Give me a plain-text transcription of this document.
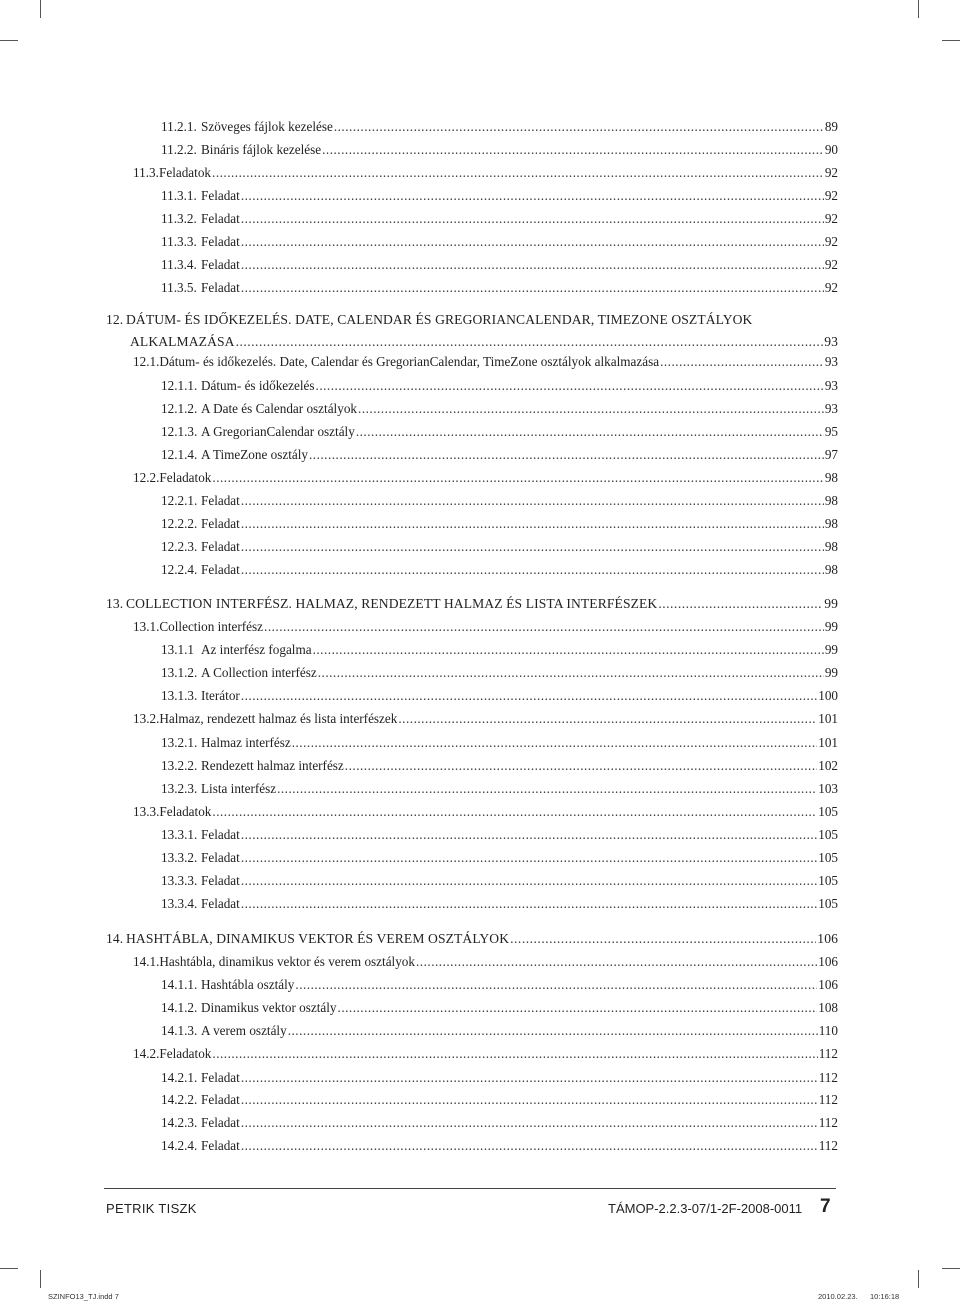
11.2.1. Szöveges fájlok kezelése .....	89
11.2.2. Bináris fájlok kezelése .....	90
11.3. Feladatok .....	92
11.3.1. Feladat .....	92
11.3.2. Feladat .....	92
11.3.3. Feladat .....	92
11.3.4. Feladat .....	92
11.3.5. Feladat .....	92
12. DÁTUM- ÉS IDŐKEZELÉS. DATE, CALENDAR ÉS GREGORIANCALENDAR, TIMEZONE OSZTÁLYOK
ALKALMAZÁSA .....	93
12.1. Dátum- és időkezelés. Date, Calendar és GregorianCalendar, TimeZone osztályok alkalmazása .....	93
12.1.1. Dátum- és időkezelés .....	93
12.1.2. A Date és Calendar osztályok .....	93
12.1.3. A GregorianCalendar osztály .....	95
12.1.4. A TimeZone osztály .....	97
12.2. Feladatok .....	98
12.2.1. Feladat .....	98
12.2.2. Feladat .....	98
12.2.3. Feladat .....	98
12.2.4. Feladat .....	98
13. COLLECTION INTERFÉSZ. HALMAZ, RENDEZETT HALMAZ ÉS LISTA INTERFÉSZEK .....	99
13.1. Collection interfész .....	99
13.1.1 Az interfész fogalma .....	99
13.1.2. A Collection interfész .....	99
13.1.3. Iterátor .....	100
13.2. Halmaz, rendezett halmaz és lista interfészek .....	101
13.2.1. Halmaz interfész .....	101
13.2.2. Rendezett halmaz interfész .....	102
13.2.3. Lista interfész .....	103
13.3. Feladatok .....	105
13.3.1. Feladat .....	105
13.3.2. Feladat .....	105
13.3.3. Feladat .....	105
13.3.4. Feladat .....	105
14. HASHTÁBLA, DINAMIKUS VEKTOR ÉS VEREM OSZTÁLYOK .....	106
14.1. Hashtábla, dinamikus vektor és verem osztályok .....	106
14.1.1. Hashtábla osztály .....	106
14.1.2. Dinamikus vektor osztály .....	108
14.1.3. A verem osztály .....	110
14.2. Feladatok .....	112
14.2.1. Feladat .....	112
14.2.2. Feladat .....	112
14.2.3. Feladat .....	112
14.2.4. Feladat .....	112
PETRIK TISZK	TÁMOP-2.2.3-07/1-2F-2008-0011 7
SZINFO13_TJ.indd 7	2010.02.23. 10:16:18
